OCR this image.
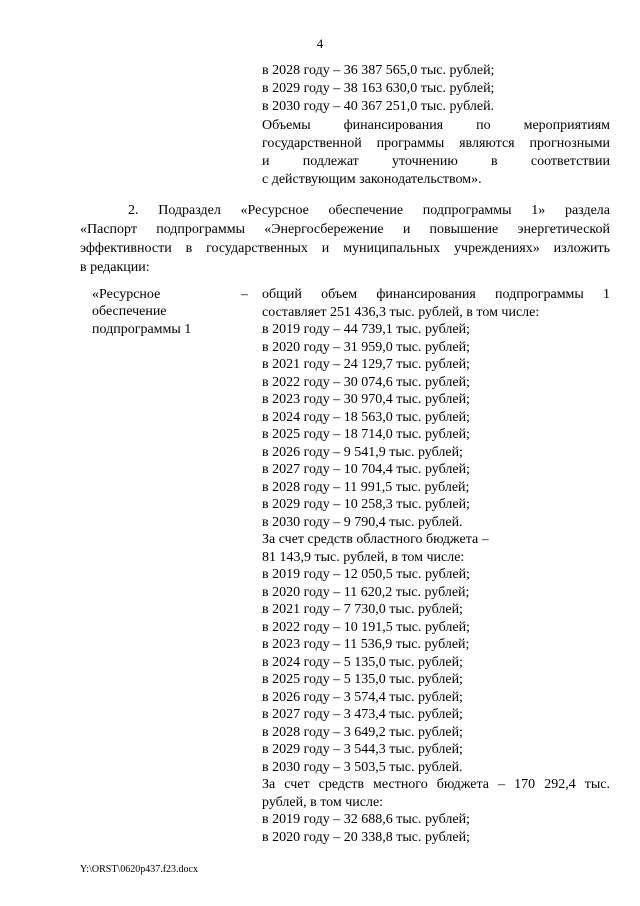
4
в 2028 году – 36 387 565,0 тыс. рублей;
в 2029 году – 38 163 630,0 тыс. рублей;
в 2030 году – 40 367 251,0 тыс. рублей.
Объемы финансирования по мероприятиям
государственной программы являются прогнозными
и подлежат уточнению в соответствии
с действующим законодательством».
2. Подраздел «Ресурсное обеспечение подпрограммы 1» раздела
«Паспорт подпрограммы «Энергосбережение и повышение энергетической
эффективности в государственных и муниципальных учреждениях» изложить
в редакции:
«Ресурсное
обеспечение
подпрограммы 1
– общий объем финансирования подпрограммы 1
составляет 251 436,3 тыс. рублей, в том числе:
в 2019 году – 44 739,1 тыс. рублей;
в 2020 году – 31 959,0 тыс. рублей;
в 2021 году – 24 129,7 тыс. рублей;
в 2022 году – 30 074,6 тыс. рублей;
в 2023 году – 30 970,4 тыс. рублей;
в 2024 году – 18 563,0 тыс. рублей;
в 2025 году – 18 714,0 тыс. рублей;
в 2026 году – 9 541,9 тыс. рублей;
в 2027 году – 10 704,4 тыс. рублей;
в 2028 году – 11 991,5 тыс. рублей;
в 2029 году – 10 258,3 тыс. рублей;
в 2030 году – 9 790,4 тыс. рублей.
За счет средств областного бюджета –
81 143,9 тыс. рублей, в том числе:
в 2019 году – 12 050,5 тыс. рублей;
в 2020 году – 11 620,2 тыс. рублей;
в 2021 году – 7 730,0 тыс. рублей;
в 2022 году – 10 191,5 тыс. рублей;
в 2023 году – 11 536,9 тыс. рублей;
в 2024 году – 5 135,0 тыс. рублей;
в 2025 году – 5 135,0 тыс. рублей;
в 2026 году – 3 574,4 тыс. рублей;
в 2027 году – 3 473,4 тыс. рублей;
в 2028 году – 3 649,2 тыс. рублей;
в 2029 году – 3 544,3 тыс. рублей;
в 2030 году – 3 503,5 тыс. рублей.
За счет средств местного бюджета – 170 292,4 тыс.
рублей, в том числе:
в 2019 году – 32 688,6 тыс. рублей;
в 2020 году – 20 338,8 тыс. рублей;
Y:\ORST\0620p437.f23.docx
